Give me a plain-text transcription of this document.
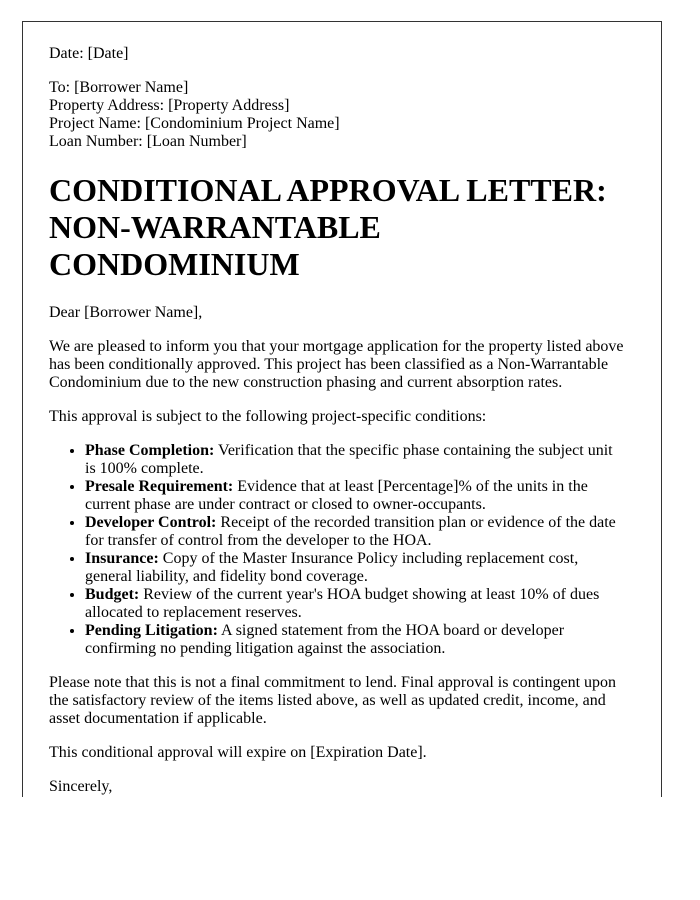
Date: [Date]

To: [Borrower Name]
Property Address: [Property Address]
Project Name: [Condominium Project Name]
Loan Number: [Loan Number]

CONDITIONAL APPROVAL LETTER: NON-WARRANTABLE CONDOMINIUM

Dear [Borrower Name],

We are pleased to inform you that your mortgage application for the property listed above has been conditionally approved. This project has been classified as a Non-Warrantable Condominium due to the new construction phasing and current absorption rates.

This approval is subject to the following project-specific conditions:

• Phase Completion: Verification that the specific phase containing the subject unit is 100% complete.
• Presale Requirement: Evidence that at least [Percentage]% of the units in the current phase are under contract or closed to owner-occupants.
• Developer Control: Receipt of the recorded transition plan or evidence of the date for transfer of control from the developer to the HOA.
• Insurance: Copy of the Master Insurance Policy including replacement cost, general liability, and fidelity bond coverage.
• Budget: Review of the current year's HOA budget showing at least 10% of dues allocated to replacement reserves.
• Pending Litigation: A signed statement from the HOA board or developer confirming no pending litigation against the association.

Please note that this is not a final commitment to lend. Final approval is contingent upon the satisfactory review of the items listed above, as well as updated credit, income, and asset documentation if applicable.

This conditional approval will expire on [Expiration Date].

Sincerely,
